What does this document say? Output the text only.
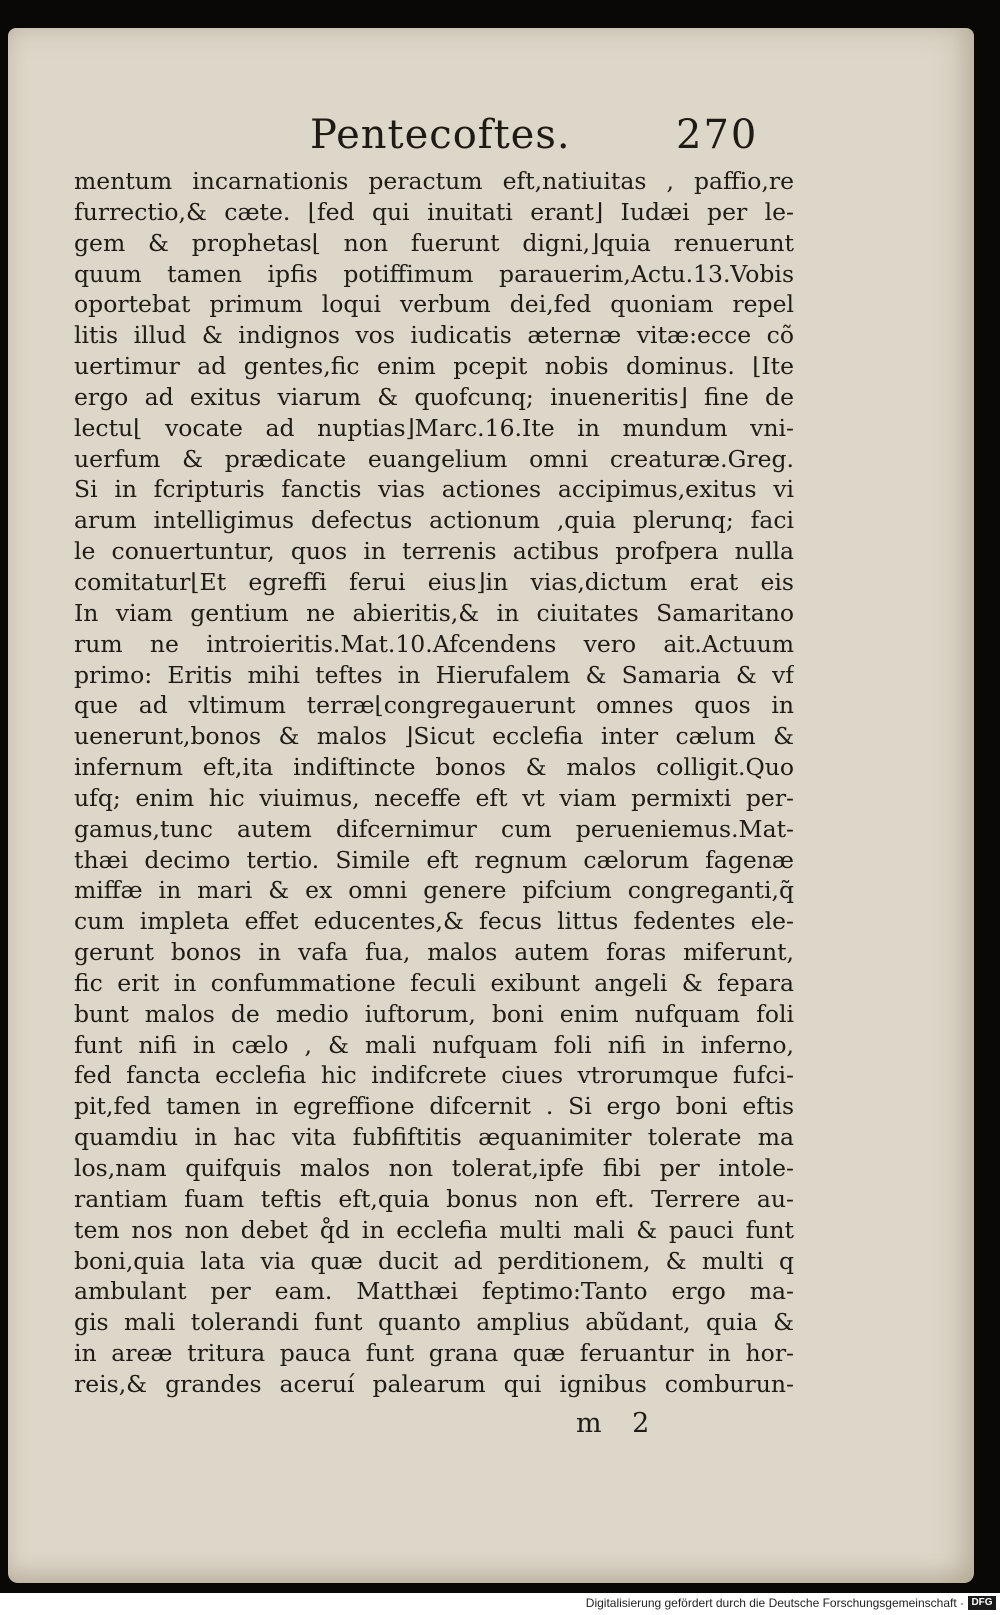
Pentecoftes.	270
mentum incarnationis peractum eft,natiuitas , paffio,re
furrectio,& cæte. ⌊fed qui inuitati erant⌋ Iudæi per le-
gem & prophetas⌊ non fuerunt digni,⌋quia renuerunt
quum tamen ipfis potiffimum parauerim,Actu.13.Vobis
oportebat primum loqui verbum dei,fed quoniam repel
litis illud & indignos vos iudicatis æternæ vitæ:ecce cõ
uertimur ad gentes,fic enim pcepit nobis dominus. ⌊Ite
ergo ad exitus viarum & quofcunq; inueneritis⌋ fine de
lectu⌊ vocate ad nuptias⌋Marc.16.Ite in mundum vni-
uerfum & prædicate euangelium omni creaturæ.Greg.
Si in fcripturis fanctis vias actiones accipimus,exitus vi
arum intelligimus defectus actionum ,quia plerunq; faci
le conuertuntur, quos in terrenis actibus profpera nulla
comitatur⌊Et egreffi ferui eius⌋in vias,dictum erat eis
In viam gentium ne abieritis,& in ciuitates Samaritano
rum ne introieritis.Mat.10.Afcendens vero ait.Actuum
primo: Eritis mihi teftes in Hierufalem & Samaria & vf
que ad vltimum terræ⌊congregauerunt omnes quos in
uenerunt,bonos & malos ⌋Sicut ecclefia inter cælum &
infernum eft,ita indiftincte bonos & malos colligit.Quo
ufq; enim hic viuimus, neceffe eft vt viam permixti per-
gamus,tunc autem difcernimur cum perueniemus.Mat-
thæi decimo tertio. Simile eft regnum cælorum fagenæ
miffæ in mari & ex omni genere pifcium congreganti,q̃
cum impleta effet educentes,& fecus littus fedentes ele-
gerunt bonos in vafa fua, malos autem foras miferunt,
fic erit in confummatione feculi exibunt angeli & fepara
bunt malos de medio iuftorum, boni enim nufquam foli
funt nifi in cælo , & mali nufquam foli nifi in inferno,
fed fancta ecclefia hic indifcrete ciues vtrorumque fufci-
pit,fed tamen in egreffione difcernit . Si ergo boni eftis
quamdiu in hac vita fubfiftitis æquanimiter tolerate ma
los,nam quifquis malos non tolerat,ipfe fibi per intole-
rantiam fuam teftis eft,quia bonus non eft. Terrere au-
tem nos non debet q̊d in ecclefia multi mali & pauci funt
boni,quia lata via quæ ducit ad perditionem, & multi q
ambulant per eam. Matthæi feptimo:Tanto ergo ma-
gis mali tolerandi funt quanto amplius abũdant, quia &
in areæ tritura pauca funt grana quæ feruantur in hor-
reis,& grandes aceruí palearum qui ignibus comburun-
m 2
Digitalisierung gefördert durch die Deutsche Forschungsgemeinschaft · DFG
